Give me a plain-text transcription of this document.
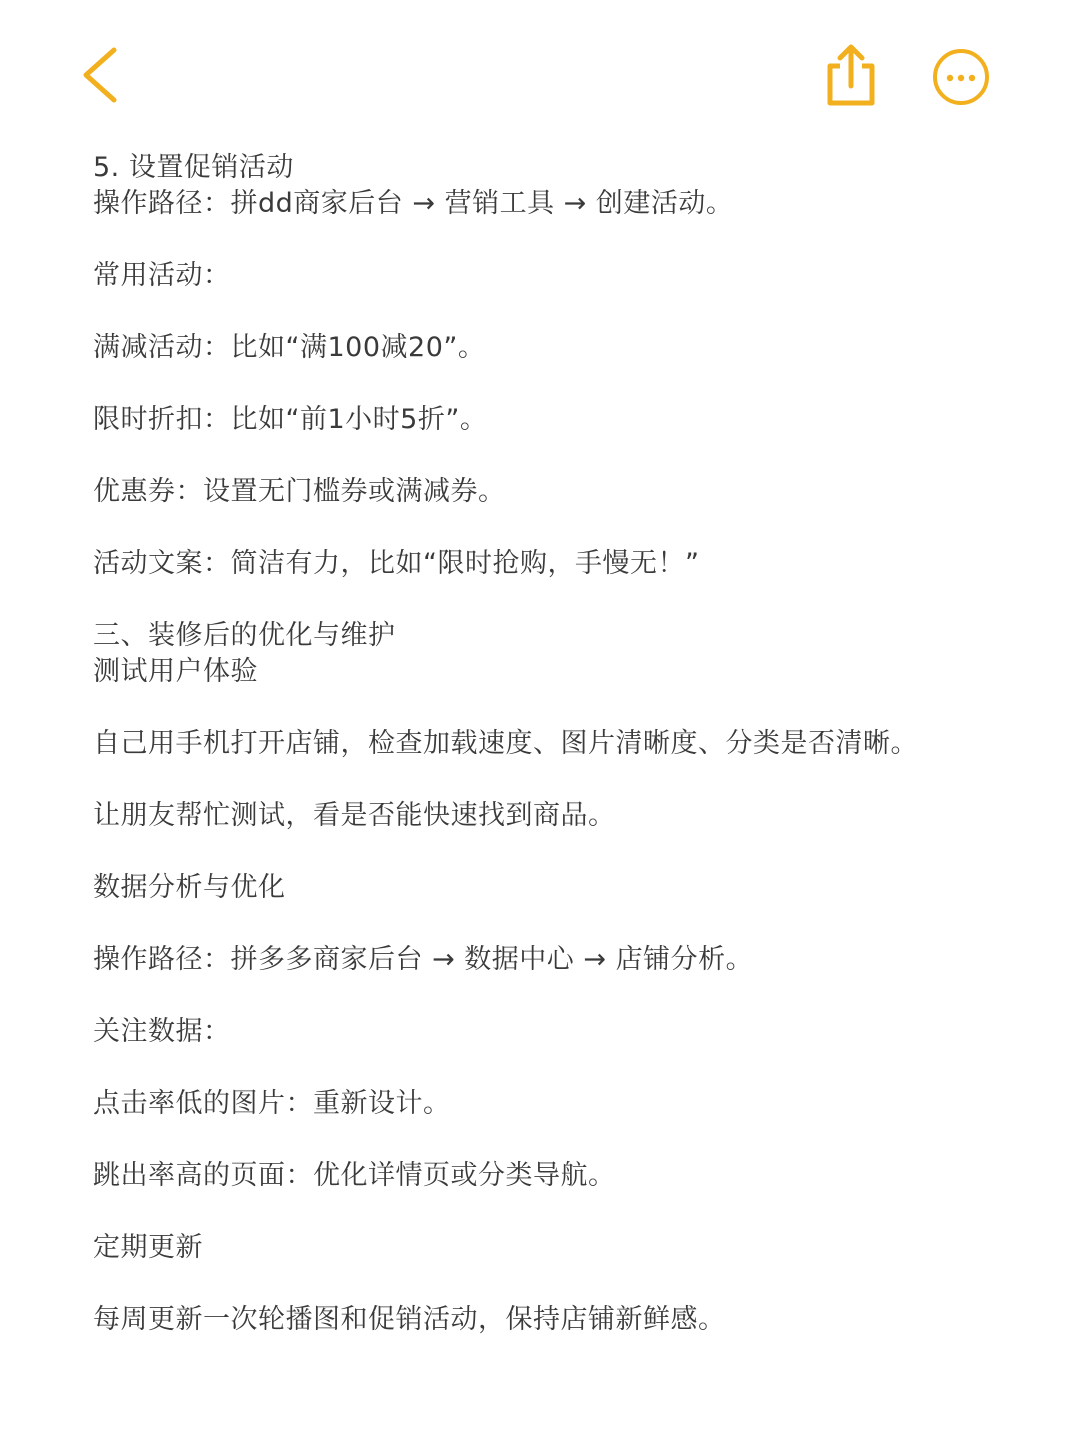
5. 设置促销活动
操作路径：拼dd商家后台 → 营销工具 → 创建活动。
常用活动：
满减活动：比如“满100减20”。
限时折扣：比如“前1小时5折”。
优惠券：设置无门槛券或满减券。
活动文案：简洁有力，比如“限时抢购，手慢无！”
三、装修后的优化与维护
测试用户体验
自己用手机打开店铺，检查加载速度、图片清晰度、分类是否清晰。
让朋友帮忙测试，看是否能快速找到商品。
数据分析与优化
操作路径：拼多多商家后台 → 数据中心 → 店铺分析。
关注数据：
点击率低的图片：重新设计。
跳出率高的页面：优化详情页或分类导航。
定期更新
每周更新一次轮播图和促销活动，保持店铺新鲜感。
